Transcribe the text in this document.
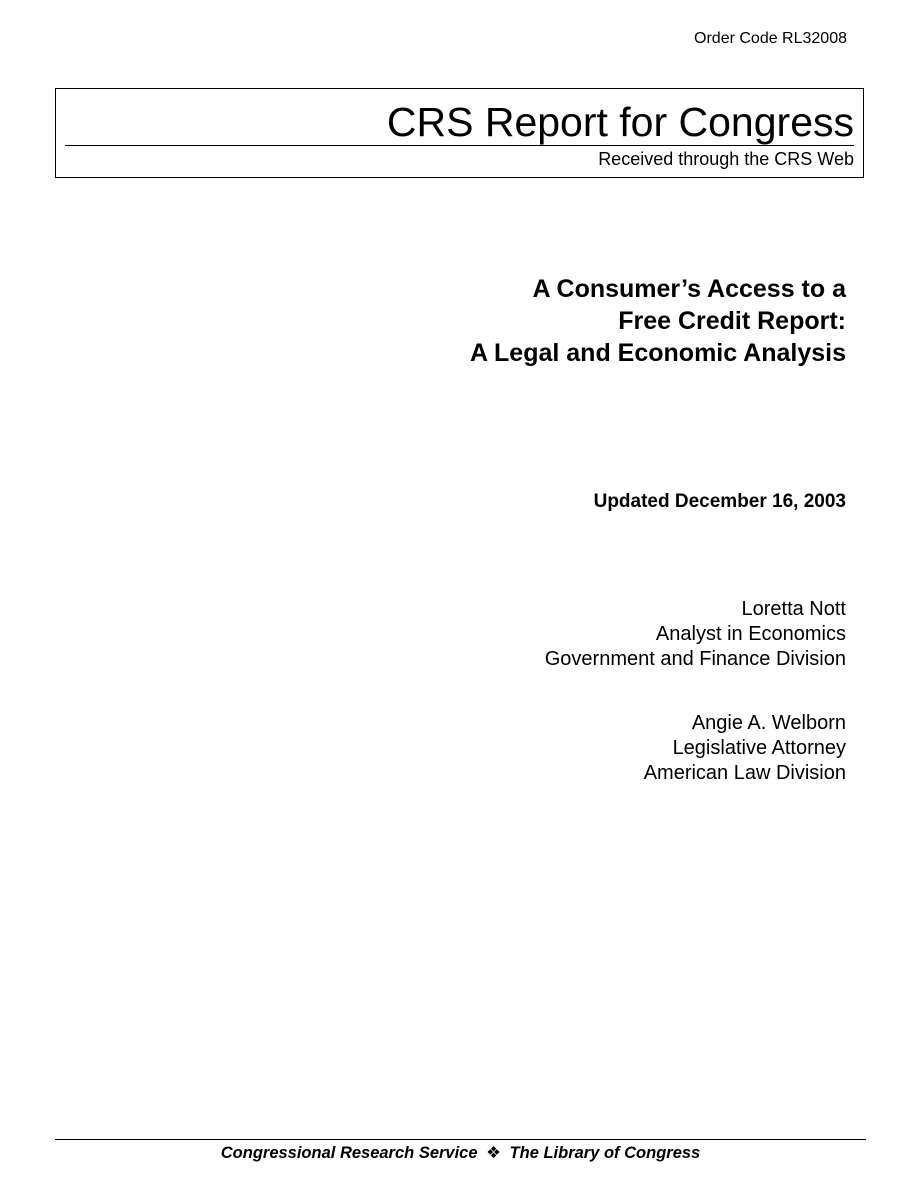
Order Code RL32008
CRS Report for Congress
Received through the CRS Web
A Consumer’s Access to a
Free Credit Report:
A Legal and Economic Analysis
Updated December 16, 2003
Loretta Nott
Analyst in Economics
Government and Finance Division
Angie A. Welborn
Legislative Attorney
American Law Division
Congressional Research Service ❖ The Library of Congress
